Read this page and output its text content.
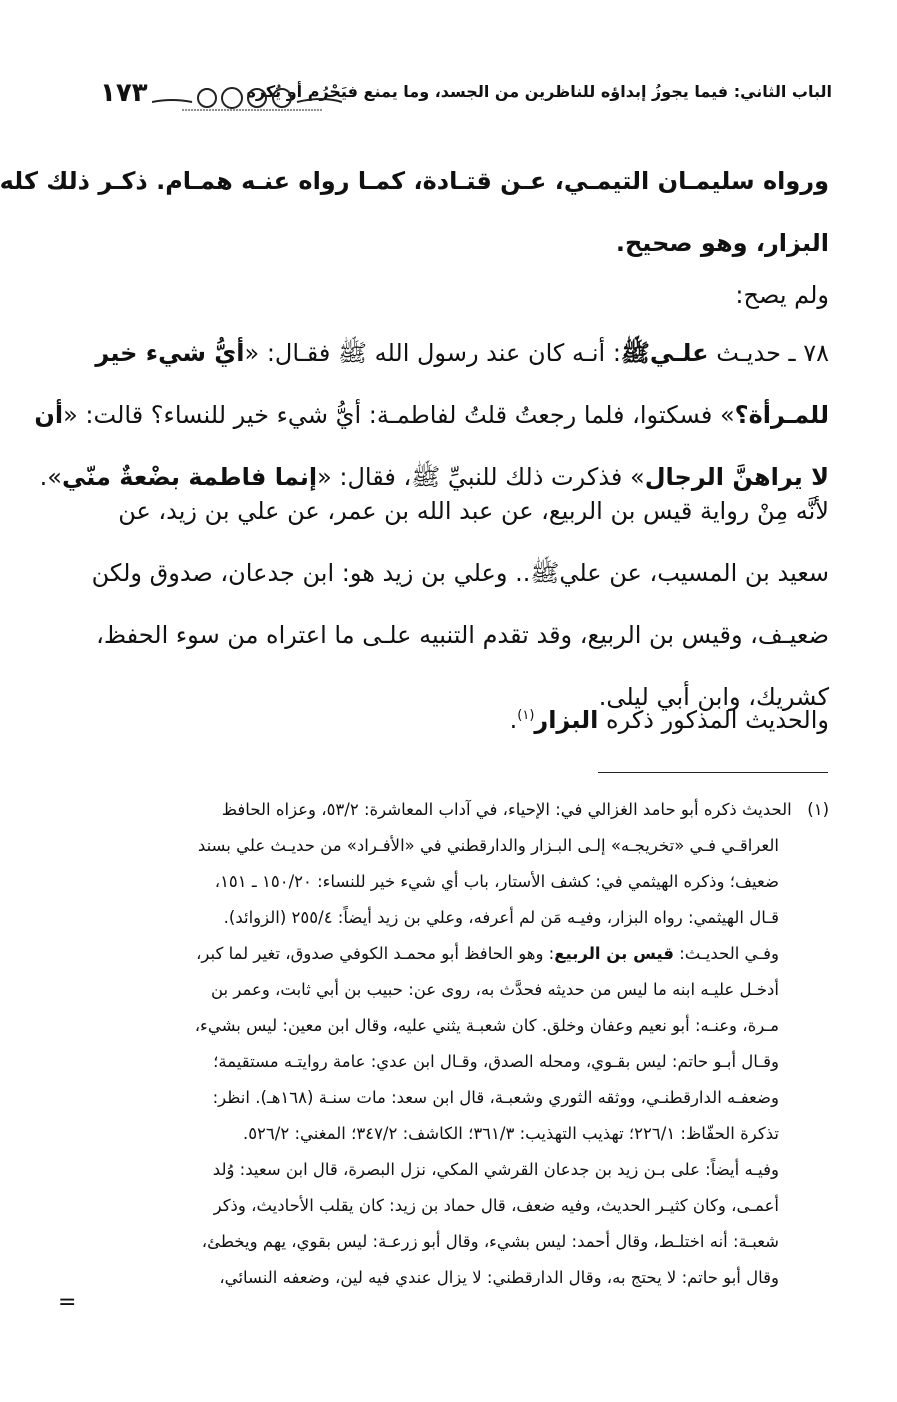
الباب الثاني: فيما يجوزُ إبداؤه للناظرين من الجسد، وما يمنع فيَحْرُم أو يُكره
١٧٣
ورواه سليمـان التيمـي، عـن قتـادة، كمـا رواه عنـه همـام. ذكـر ذلك كله
البزار، وهو صحيح.
ولم يصح:
٧٨ ـ حديـث علـيﷺ: أنـه كان عند رسول الله ﷺ فقـال: «أيُّ شيء خير
للمـرأة؟» فسكتوا، فلما رجعتُ قلتُ لفاطمـة: أيُّ شيء خير للنساء؟ قالت: «أن
لا يراهنَّ الرجال» فذكرت ذلك للنبيِّ ﷺ، فقال: «إنما فاطمة بضْعةٌ منّي».
لأنَّه مِنْ رواية قيس بن الربيع، عن عبد الله بن عمر، عن علي بن زيد، عن
سعيد بن المسيب، عن عليﷺ.. وعلي بن زيد هو: ابن جدعان، صدوق ولكن
ضعيـف، وقيس بن الربيع، وقد تقدم التنبيه علـى ما اعتراه من سوء الحفظ،
كشريك، وابن أبي ليلى.
والحديث المذكور ذكره البزار$^{(١)}$.
(١) الحديث ذكره أبو حامد الغزالي في: الإحياء، في آداب المعاشرة: ٥٣/٢، وعزاه الحافظ
العراقـي فـي «تخريجـه» إلـى البـزار والدارقطني في «الأفـراد» من حديـث علي بسند
ضعيف؛ وذكره الهيثمي في: كشف الأستار، باب أي شيء خير للنساء: ١٥٠/٢٠ ـ ١٥١،
قـال الهيثمي: رواه البزار، وفيـه مَن لم أعرفه، وعلي بن زيد أيضاً: ٢٥٥/٤ (الزوائد).
وفـي الحديـث: قيس بن الربيع: وهو الحافظ أبو محمـد الكوفي صدوق، تغير لما كبر،
أدخـل عليـه ابنه ما ليس من حديثه فحدَّث به، روى عن: حبيب بن أبي ثابت، وعمر بن
مـرة، وعنـه: أبو نعيم وعفان وخلق. كان شعبـة يثني عليه، وقال ابن معين: ليس بشيء،
وقـال أبـو حاتم: ليس بقـوي، ومحله الصدق، وقـال ابن عدي: عامة روايتـه مستقيمة؛
وضعفـه الدارقطنـي، ووثقه الثوري وشعبـة، قال ابن سعد: مات سنـة (١٦٨هـ). انظر:
تذكرة الحفّاظ: ٢٢٦/١؛ تهذيب التهذيب: ٣٦١/٣؛ الكاشف: ٣٤٧/٢؛ المغني: ٥٢٦/٢.
وفيـه أيضاً: على بـن زيد بن جدعان القرشي المكي، نزل البصرة، قال ابن سعيد: وُلد
أعمـى، وكان كثيـر الحديث، وفيه ضعف، قال حماد بن زيد: كان يقلب الأحاديث، وذكر
شعبـة: أنه اختلـط، وقال أحمد: ليس بشيء، وقال أبو زرعـة: ليس بقوي، يهم ويخطئ،
وقال أبو حاتم: لا يحتج به، وقال الدارقطني: لا يزال عندي فيه لين، وضعفه النسائي،
=
